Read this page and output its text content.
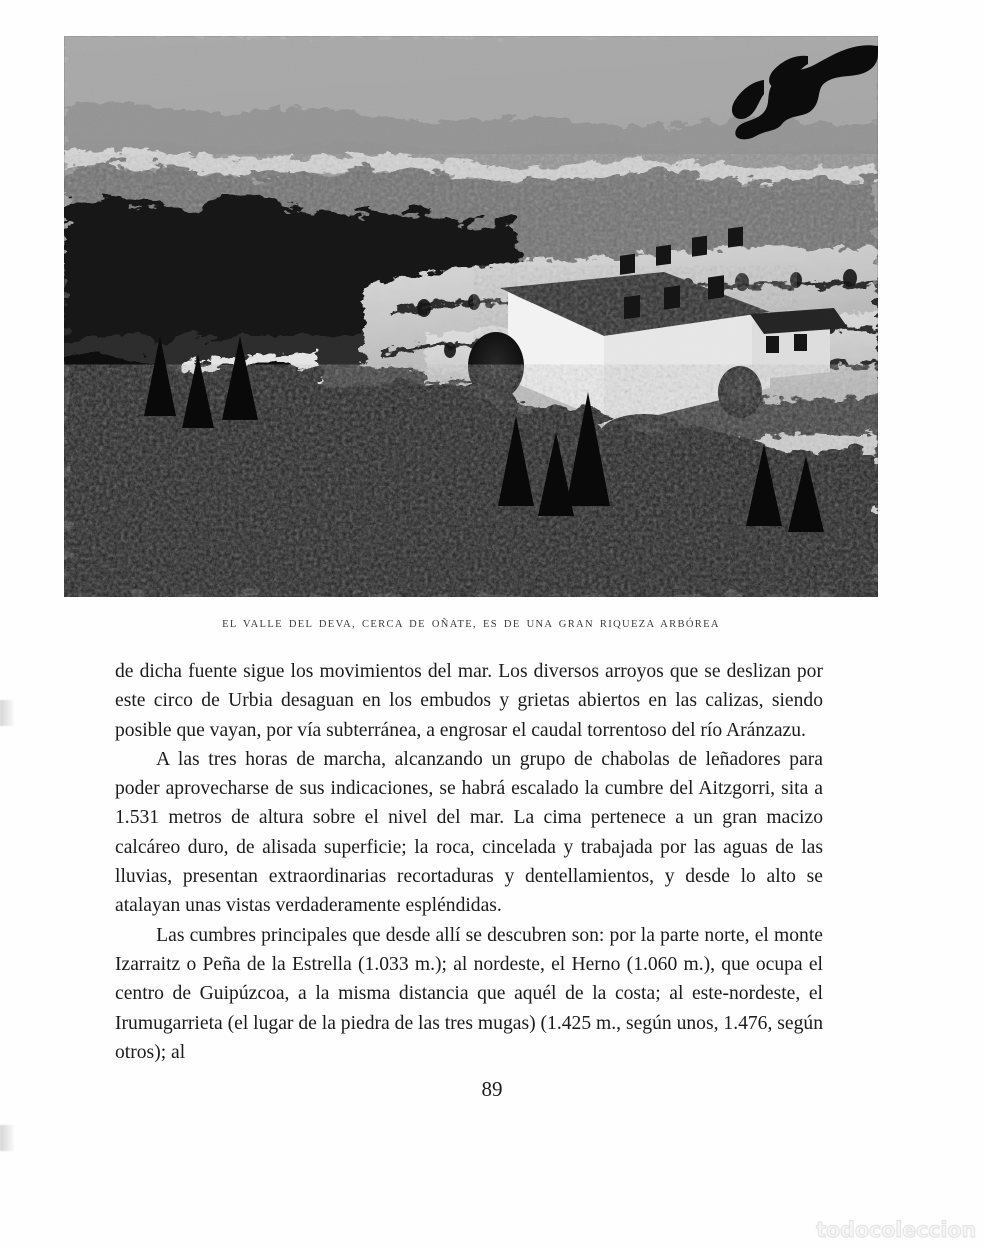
EL VALLE DEL DEVA, CERCA DE OÑATE, ES DE UNA GRAN RIQUEZA ARBÓREA

de dicha fuente sigue los movimientos del mar. Los diversos arroyos que se deslizan por este circo de Urbia desaguan en los embudos y grietas abiertos en las calizas, siendo posible que vayan, por vía subterránea, a engrosar el caudal torrentoso del río Aránzazu.

A las tres horas de marcha, alcanzando un grupo de chabolas de leñadores para poder aprovecharse de sus indicaciones, se habrá escalado la cumbre del Aitzgorri, sita a 1.531 metros de altura sobre el nivel del mar. La cima pertenece a un gran macizo calcáreo duro, de alisada superficie; la roca, cincelada y trabajada por las aguas de las lluvias, presentan extraordinarias recortaduras y dentellamientos, y desde lo alto se atalayan unas vistas verdaderamente espléndidas.

Las cumbres principales que desde allí se descubren son: por la parte norte, el monte Izarraitz o Peña de la Estrella (1.033 m.); al nordeste, el Herno (1.060 m.), que ocupa el centro de Guipúzcoa, a la misma distancia que aquél de la costa; al este-nordeste, el Irumugarrieta (el lugar de la piedra de las tres mugas) (1.425 m., según unos, 1.476, según otros); al

89
todocoleccion
